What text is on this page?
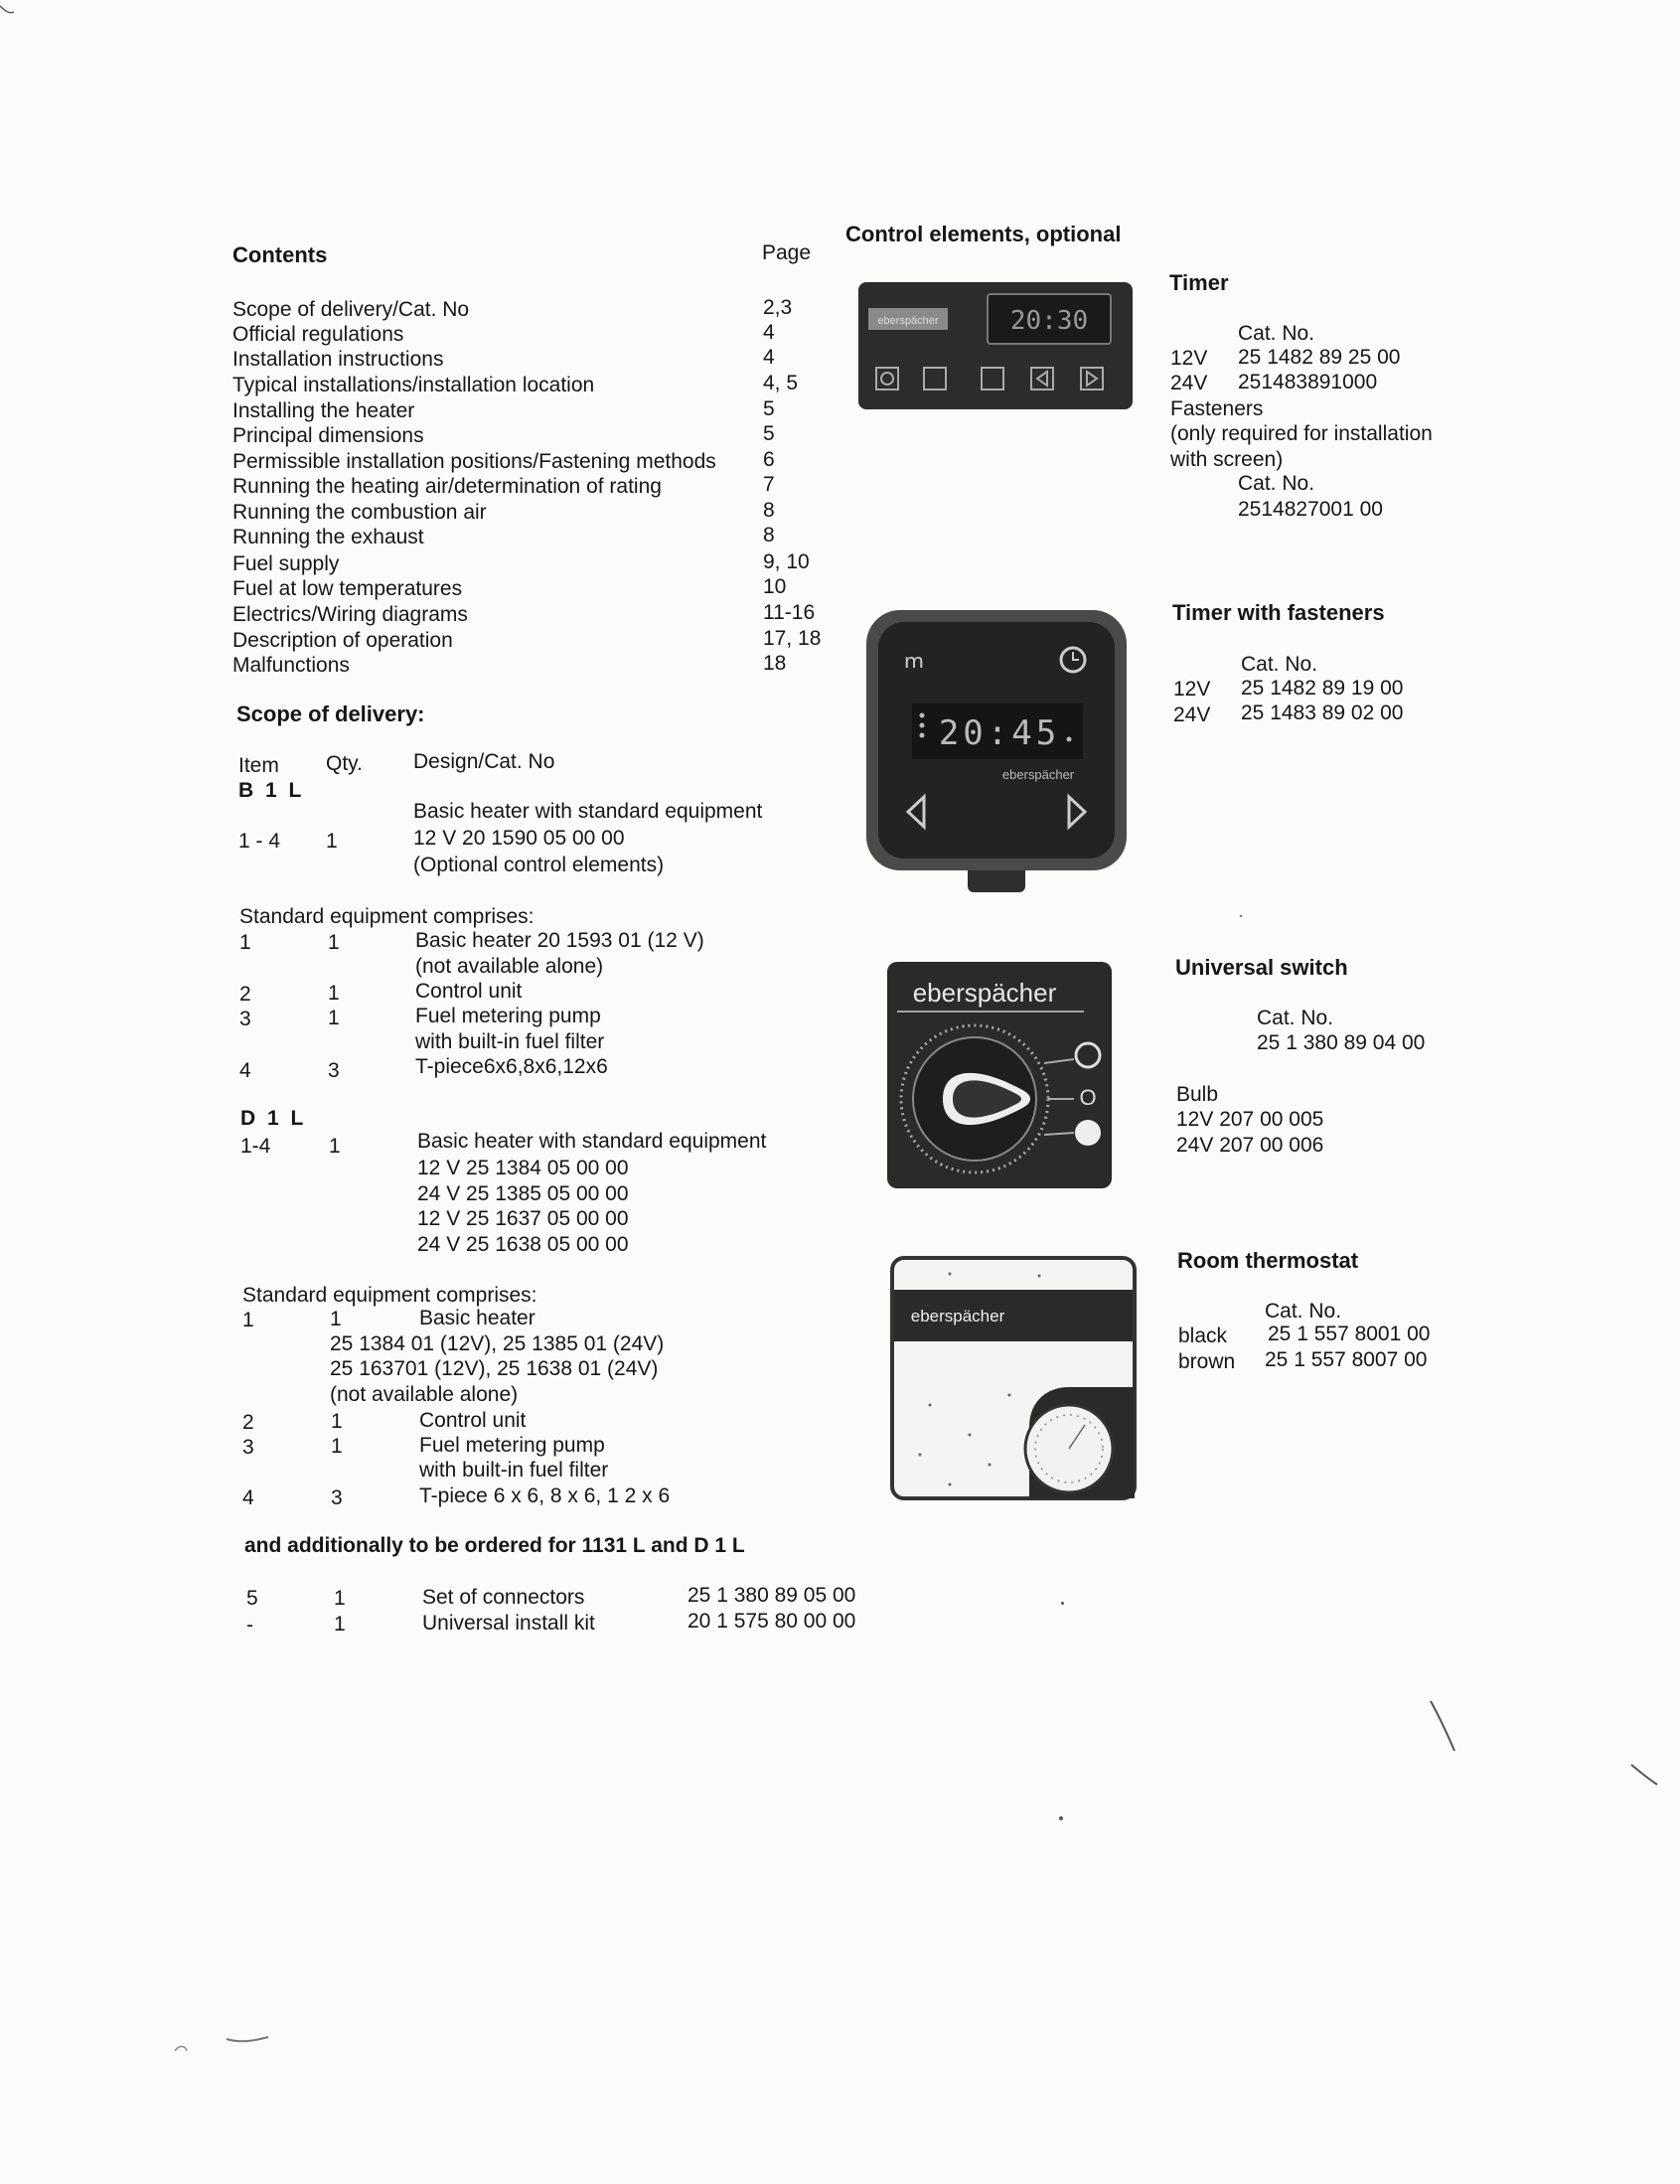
Contents	Page
Scope of delivery/Cat. No	2,3
Official regulations	4
Installation instructions	4
Typical installations/installation location	4, 5
Installing the heater	5
Principal dimensions	5
Permissible installation positions/Fastening methods 6
Running the heating air/determination of rating	7
Running the combustion air	8
Running the exhaust	8
Fuel supply	9, 10
Fuel at low temperatures	10
Electrics/Wiring diagrams	11-16
Description of operation	17, 18
Malfunctions	18
Scope of delivery:
Item Qty. Design/Cat. No
B 1 L
Basic heater with standard equipment
1 - 4 1	12 V 20 1590 05 00 00
(Optional control elements)
Standard equipment comprises:
1	1	Basic heater 20 1593 01 (12 V)
(not available alone)
2	1	Control unit
3	1	Fuel metering pump
with built-in fuel filter
4	3	T-piece6x6,8x6,12x6
D 1 L
1-4	1	Basic heater with standard equipment
12 V 25 1384 05 00 00
24 V 25 1385 05 00 00
12 V 25 1637 05 00 00
24 V 25 1638 05 00 00
Standard equipment comprises:
1	1	Basic heater
25 1384 01 (12V), 25 1385 01 (24V)
25 163701 (12V), 25 1638 01 (24V)
(not available alone)
2	1	Control unit
3	1	Fuel metering pump
with built-in fuel filter
4	3	T-piece 6 x 6, 8 x 6, 1 2 x 6
and additionally to be ordered for 1131 L and D 1 L
5	1	Set of connectors	25 1 380 89 05 00
-	1	Universal install kit	20 1 575 80 00 00
Control elements, optional
eberspächer	20:30
Timer
Cat. No.
12V 25 1482 89 25 00
24V 251483891000
Fasteners
(only required for installation
with screen)
Cat. No.
2514827001 00
ՠ
20:45
eberspächer
Timer with fasteners
Cat. No.
12V 25 1482 89 19 00
24V 25 1483 89 02 00
eberspächer
O
Universal switch
Cat. No.
25 1 380 89 04 00
Bulb
12V 207 00 005
24V 207 00 006
eberspächer
Room thermostat
Cat. No.
black 25 1 557 8001 00
brown 25 1 557 8007 00
